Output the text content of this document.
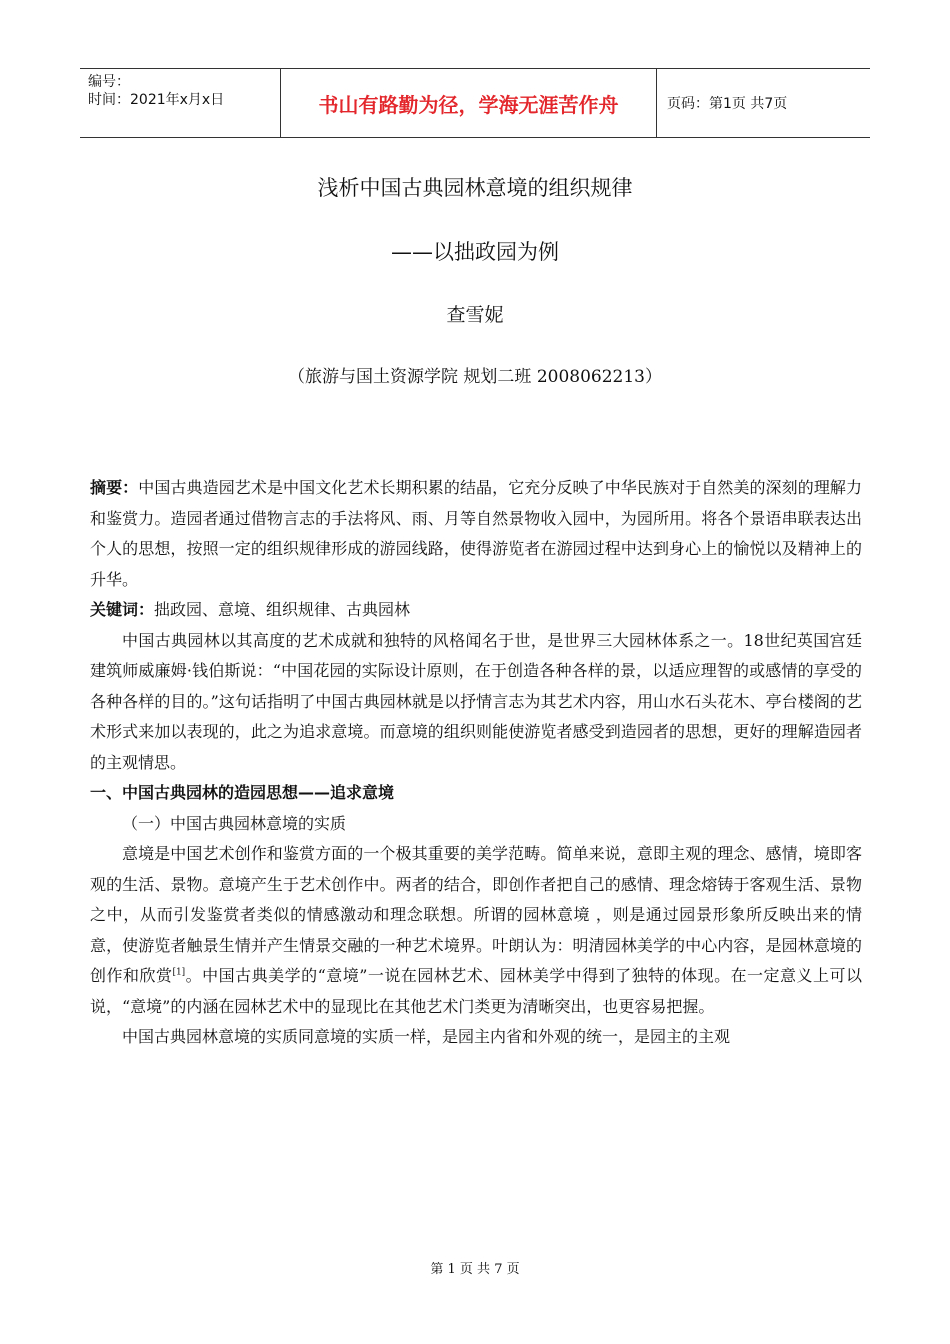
编号：
时间：2021年x月x日	书山有路勤为径，学海无涯苦作舟	页码：第1页 共7页
浅析中国古典园林意境的组织规律
——以拙政园为例
查雪妮
（旅游与国土资源学院 规划二班 2008062213）

摘要：中国古典造园艺术是中国文化艺术长期积累的结晶，它充分反映了中华民族对于自然美的深刻的理解力和鉴赏力。造园者通过借物言志的手法将风、雨、月等自然景物收入园中，为园所用。将各个景语串联表达出个人的思想，按照一定的组织规律形成的游园线路，使得游览者在游园过程中达到身心上的愉悦以及精神上的升华。

关键词：拙政园、意境、组织规律、古典园林

中国古典园林以其高度的艺术成就和独特的风格闻名于世，是世界三大园林体系之一。18世纪英国宫廷建筑师威廉姆·钱伯斯说：“中国花园的实际设计原则，在于创造各种各样的景，以适应理智的或感情的享受的各种各样的目的。”这句话指明了中国古典园林就是以抒情言志为其艺术内容，用山水石头花木、亭台楼阁的艺术形式来加以表现的，此之为追求意境。而意境的组织则能使游览者感受到造园者的思想，更好的理解造园者的主观情思。

一、中国古典园林的造园思想——追求意境

（一）中国古典园林意境的实质

意境是中国艺术创作和鉴赏方面的一个极其重要的美学范畴。简单来说，意即主观的理念、感情，境即客观的生活、景物。意境产生于艺术创作中。两者的结合，即创作者把自己的感情、理念熔铸于客观生活、景物之中，从而引发鉴赏者类似的情感激动和理念联想。所谓的园林意境 ，则是通过园景形象所反映出来的情意，使游览者触景生情并产生情景交融的一种艺术境界。叶朗认为：明清园林美学的中心内容，是园林意境的创作和欣赏[1]。中国古典美学的“意境”一说在园林艺术、园林美学中得到了独特的体现。在一定意义上可以说，“意境”的内涵在园林艺术中的显现比在其他艺术门类更为清晰突出，也更容易把握。

中国古典园林意境的实质同意境的实质一样，是园主内省和外观的统一，是园主的主观

第 1 页 共 7 页
